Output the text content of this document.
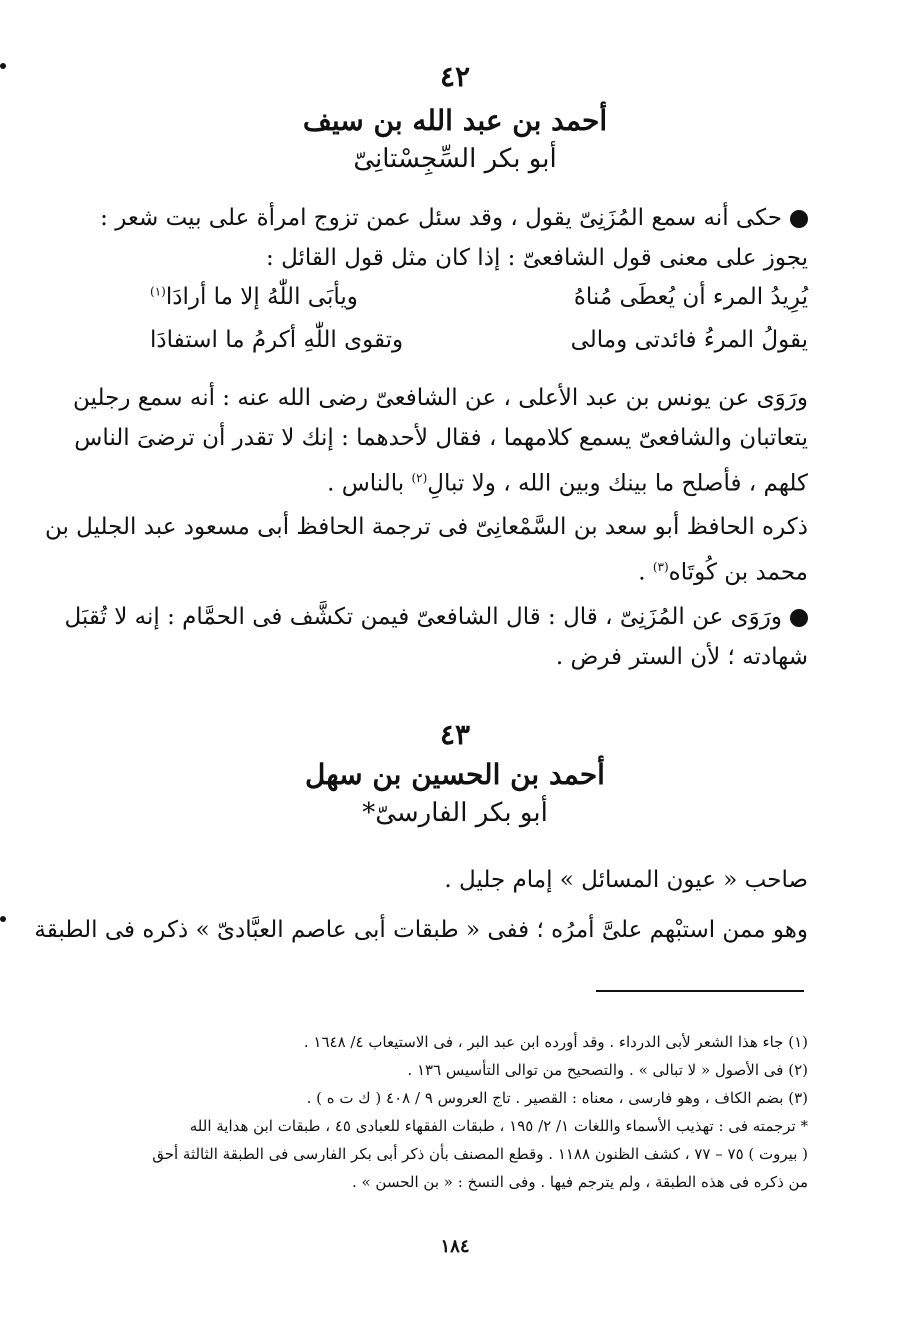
٤٢
أحمد بن عبد الله بن سيف
أبو بكر السِّجِسْتانِىّ
حكى أنه سمع المُزَنِىّ يقول ، وقد سئل عمن تزوج امرأة على بيت شعر :
يجوز على معنى قول الشافعىّ : إذا كان مثل قول القائل :
يُرِيدُ المرء أن يُعطَى مُناهُ
ويأبَى اللّٰهُ إلا ما أرادَا$^{(١)}$
يقولُ المرءُ فائدتى ومالى
وتقوى اللّٰهِ أكرمُ ما استفادَا
ورَوَى عن يونس بن عبد الأعلى ، عن الشافعىّ رضى الله عنه : أنه سمع رجلين
يتعاتبان والشافعىّ يسمع كلامهما ، فقال لأحدهما : إنك لا تقدر أن ترضىَ الناس
كلهم ، فأصلح ما بينك وبين الله ، ولا تبالِ$^{(٢)}$ بالناس .
ذكره الحافظ أبو سعد بن السَّمْعانِىّ فى ترجمة الحافظ أبى مسعود عبد الجليل بن
محمد بن كُوتَاه$^{(٣)}$ .
ورَوَى عن المُزَنِىّ ، قال : قال الشافعىّ فيمن تكشَّف فى الحمَّام : إنه لا تُقبَل
شهادته ؛ لأن الستر فرض .
٤٣
أحمد بن الحسين بن سهل
أبو بكر الفارسىّ*
صاحب « عيون المسائل » إمام جليل .
وهو ممن استبْهم علىَّ أمرُه ؛ ففى « طبقات أبى عاصم العبَّادىّ » ذكره فى الطبقة
(١) جاء هذا الشعر لأبى الدرداء . وقد أورده ابن عبد البر ، فى الاستيعاب ٤/ ١٦٤٨ .
(٢) فى الأصول « لا تبالى » . والتصحيح من توالى التأسيس ١٣٦ .
(٣) بضم الكاف ، وهو فارسى ، معناه : القصير . تاج العروس ٩ / ٤٠٨ ( ك ت ه ) .
* ترجمته فى : تهذيب الأسماء واللغات ١/ ٢/ ١٩٥ ، طبقات الفقهاء للعبادى ٤٥ ، طبقات ابن هداية الله
( بيروت ) ٧٥ – ٧٧ ، كشف الظنون ١١٨٨ . وقطع المصنف بأن ذكر أبى بكر الفارسى فى الطبقة الثالثة أحق
من ذكره فى هذه الطبقة ، ولم يترجم فيها . وفى النسخ : « بن الحسن » .
١٨٤
